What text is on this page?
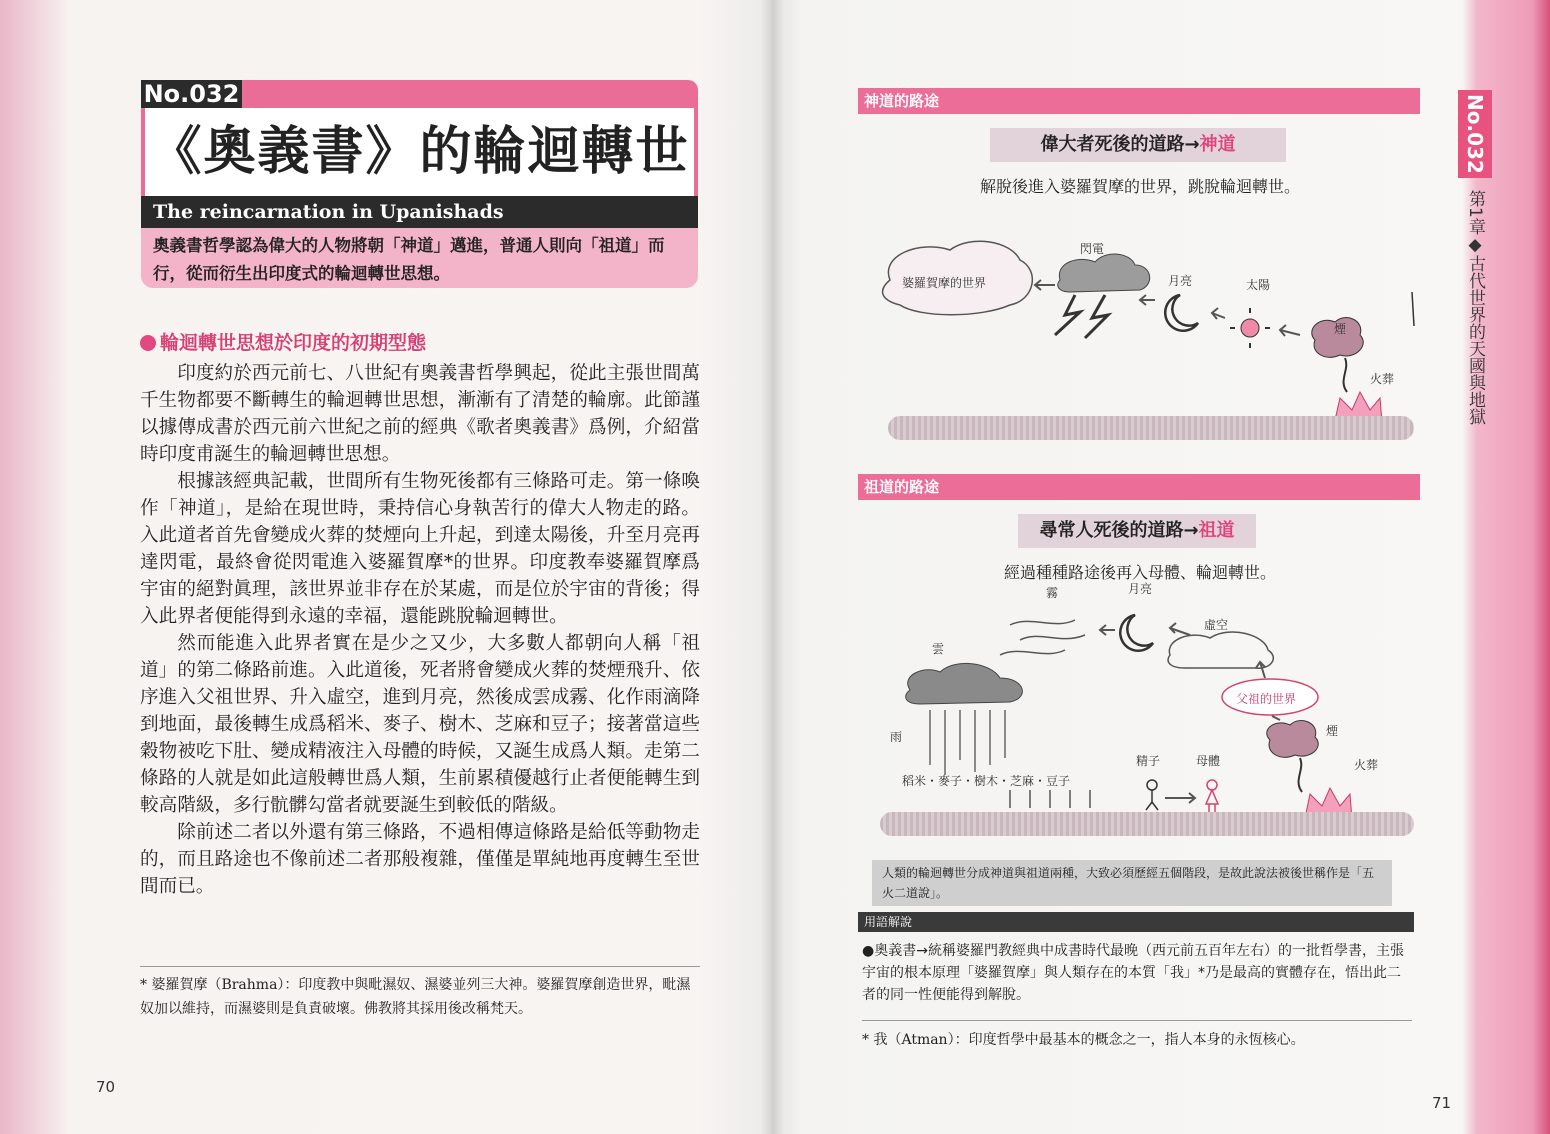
No.032
《奧義書》的輪迴轉世
The reincarnation in Upanishads
奧義書哲學認為偉大的人物將朝「神道」邁進，普通人則向「祖道」而行，從而衍生出印度式的輪迴轉世思想。
輪迴轉世思想於印度的初期型態

印度約於西元前七、八世紀有奧義書哲學興起，從此主張世間萬千生物都要不斷轉生的輪迴轉世思想，漸漸有了清楚的輪廓。此節謹以據傳成書於西元前六世紀之前的經典《歌者奧義書》爲例，介紹當時印度甫誕生的輪迴轉世思想。

根據該經典記載，世間所有生物死後都有三條路可走。第一條喚作「神道」，是給在現世時，秉持信心身執苦行的偉大人物走的路。入此道者首先會變成火葬的焚煙向上升起，到達太陽後，升至月亮再達閃電，最終會從閃電進入婆羅賀摩*的世界。印度教奉婆羅賀摩爲宇宙的絕對眞理，該世界並非存在於某處，而是位於宇宙的背後；得入此界者便能得到永遠的幸福，還能跳脫輪迴轉世。

然而能進入此界者實在是少之又少，大多數人都朝向人稱「祖道」的第二條路前進。入此道後，死者將會變成火葬的焚煙飛升、依序進入父祖世界、升入虛空，進到月亮，然後成雲成霧、化作雨滴降到地面，最後轉生成爲稻米、麥子、樹木、芝麻和豆子；接著當這些穀物被吃下肚、變成精液注入母體的時候，又誕生成爲人類。走第二條路的人就是如此這般轉世爲人類，生前累積優越行止者便能轉生到較高階級，多行骯髒勾當者就要誕生到較低的階級。

除前述二者以外還有第三條路，不過相傳這條路是給低等動物走的，而且路途也不像前述二者那般複雜，僅僅是單純地再度轉生至世間而已。

* 婆羅賀摩（Brahma）：印度教中與毗濕奴、濕婆並列三大神。婆羅賀摩創造世界，毗濕奴加以維持，而濕婆則是負責破壞。佛教將其採用後改稱梵天。
70
No.032
第1章◆古代世界的天國與地獄
神道的路途
偉大者死後的道路→神道
解脫後進入婆羅賀摩的世界，跳脫輪迴轉世。
婆羅賀摩的世界
閃電
月亮	太陽
煙
火葬
祖道的路途
尋常人死後的道路→祖道
經過種種路途後再入母體、輪迴轉世。
霧	月亮
虛空
雲
雨
父祖的世界
煙
火葬
精子	母體
稻米・麥子・樹木・芝麻・豆子
人類的輪迴轉世分成神道與祖道兩種，大致必須歷經五個階段，是故此說法被後世稱作是「五火二道說」。
用語解說
●奧義書→統稱婆羅門教經典中成書時代最晚（西元前五百年左右）的一批哲學書，主張宇宙的根本原理「婆羅賀摩」與人類存在的本質「我」*乃是最高的實體存在，悟出此二者的同一性便能得到解脫。
* 我（Atman）：印度哲學中最基本的概念之一，指人本身的永恆核心。
71
